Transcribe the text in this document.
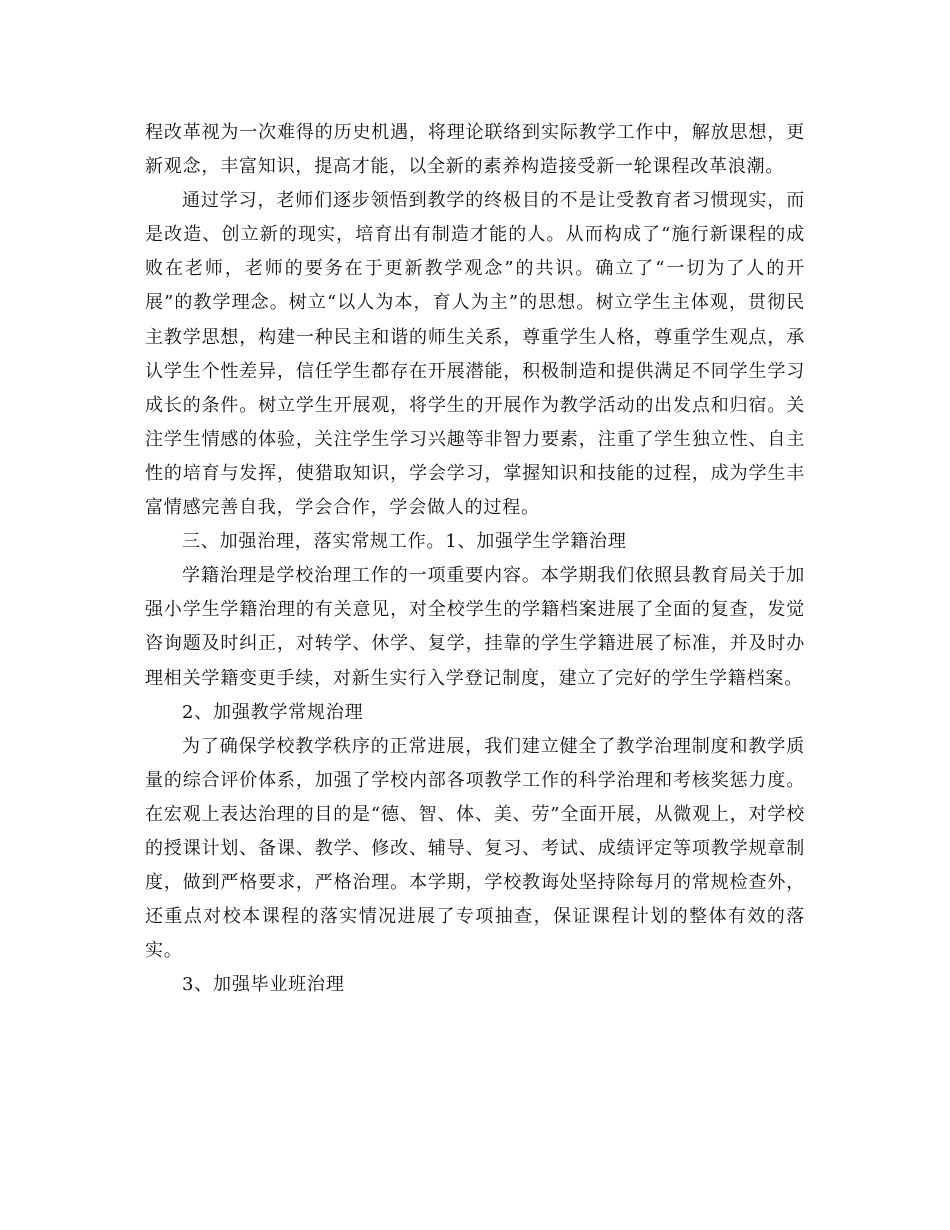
程改革视为一次难得的历史机遇，将理论联络到实际教学工作中，解放思想，更新观念，丰富知识，提高才能，以全新的素养构造接受新一轮课程改革浪潮。

通过学习，老师们逐步领悟到教学的终极目的不是让受教育者习惯现实，而是改造、创立新的现实，培育出有制造才能的人。从而构成了“施行新课程的成败在老师，老师的要务在于更新教学观念”的共识。确立了“一切为了人的开展”的教学理念。树立“以人为本，育人为主”的思想。树立学生主体观，贯彻民主教学思想，构建一种民主和谐的师生关系，尊重学生人格，尊重学生观点，承认学生个性差异，信任学生都存在开展潜能，积极制造和提供满足不同学生学习成长的条件。树立学生开展观，将学生的开展作为教学活动的出发点和归宿。关注学生情感的体验，关注学生学习兴趣等非智力要素，注重了学生独立性、自主性的培育与发挥，使猎取知识，学会学习，掌握知识和技能的过程，成为学生丰富情感完善自我，学会合作，学会做人的过程。

三、加强治理，落实常规工作。1、加强学生学籍治理

学籍治理是学校治理工作的一项重要内容。本学期我们依照县教育局关于加强小学生学籍治理的有关意见，对全校学生的学籍档案进展了全面的复查，发觉咨询题及时纠正，对转学、休学、复学，挂靠的学生学籍进展了标准，并及时办理相关学籍变更手续，对新生实行入学登记制度，建立了完好的学生学籍档案。

2、加强教学常规治理

为了确保学校教学秩序的正常进展，我们建立健全了教学治理制度和教学质量的综合评价体系，加强了学校内部各项教学工作的科学治理和考核奖惩力度。在宏观上表达治理的目的是“德、智、体、美、劳”全面开展，从微观上，对学校的授课计划、备课、教学、修改、辅导、复习、考试、成绩评定等项教学规章制度，做到严格要求，严格治理。本学期，学校教诲处坚持除每月的常规检查外，还重点对校本课程的落实情况进展了专项抽查，保证课程计划的整体有效的落实。

3、加强毕业班治理
